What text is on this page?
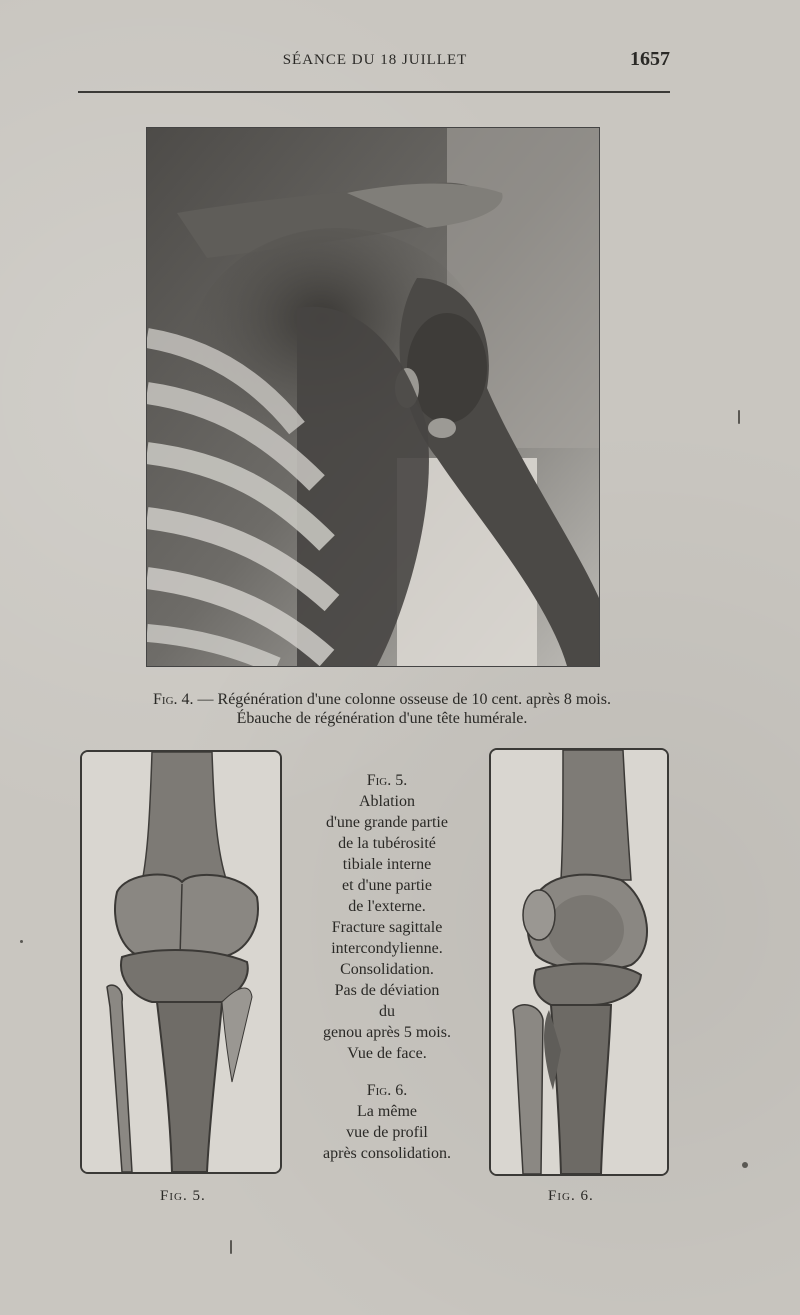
SÉANCE DU 18 JUILLET	1657
Fig. 4. — Régénération d'une colonne osseuse de 10 cent. après 8 mois.
Ébauche de régénération d'une tête humérale.
Fig. 5.
Ablation
d'une grande partie
de la tubérosité
tibiale interne
et d'une partie
de l'externe.
Fracture sagittale
intercondylienne.
Consolidation.
Pas de déviation
du
genou après 5 mois.
Vue de face.
Fig. 6.
La même
vue de profil
après consolidation.
Fig. 5.	Fig. 6.
